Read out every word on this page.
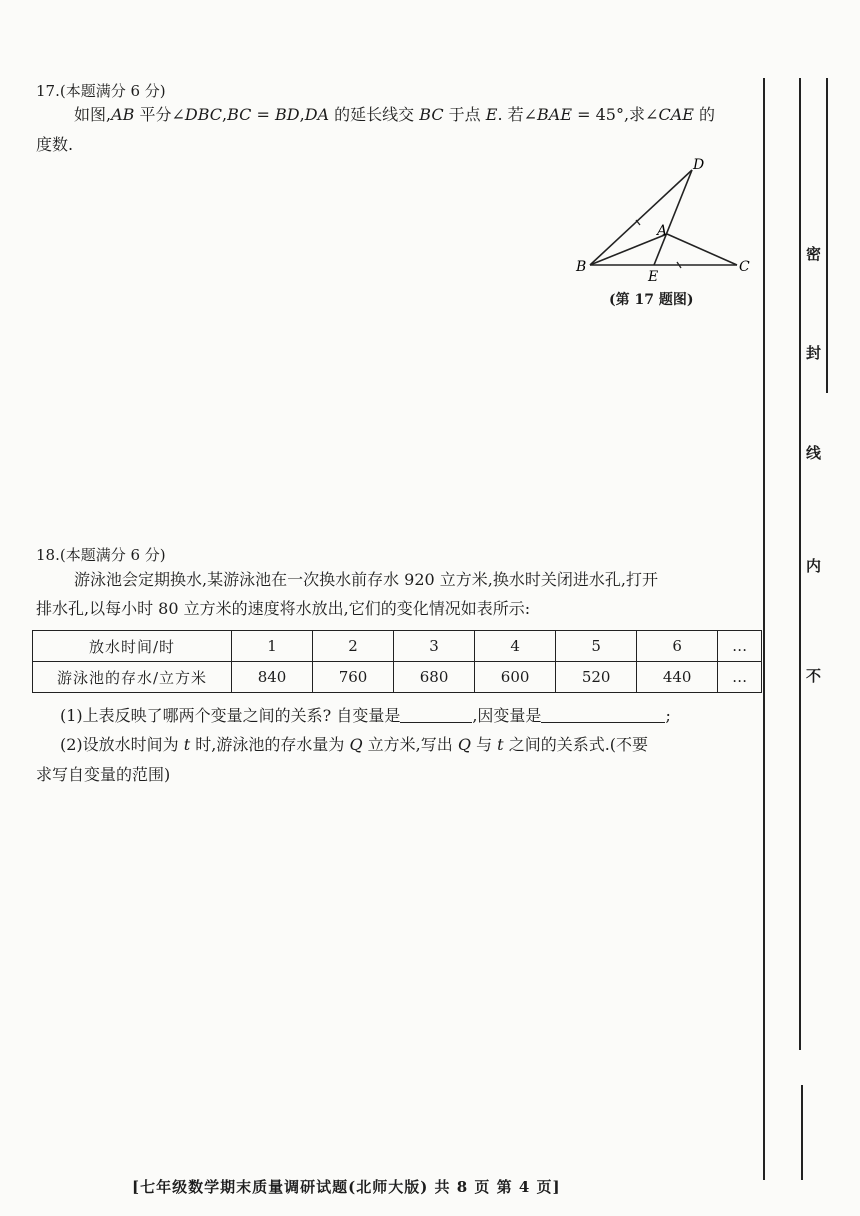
17.(本题满分 6 分)
如图,AB 平分∠DBC,BC = BD,DA 的延长线交 BC 于点 E. 若∠BAE = 45°,求∠CAE 的
度数.
D
A
B
E
C
(第 17 题图)
18.(本题满分 6 分)
游泳池会定期换水,某游泳池在一次换水前存水 920 立方米,换水时关闭进水孔,打开
排水孔,以每小时 80 立方米的速度将水放出,它们的变化情况如表所示:
放水时间/时	1	2	3	4	5	6	…
游泳池的存水/立方米	840	760	680	600	520	440	…
(1)上表反映了哪两个变量之间的关系? 自变量是	,因变量是	;
(2)设放水时间为 t 时,游泳池的存水量为 Q 立方米,写出 Q 与 t 之间的关系式.(不要
求写自变量的范围)
密
封
线
内
不
[七年级数学期末质量调研试题(北师大版) 共 8 页 第 4 页]
